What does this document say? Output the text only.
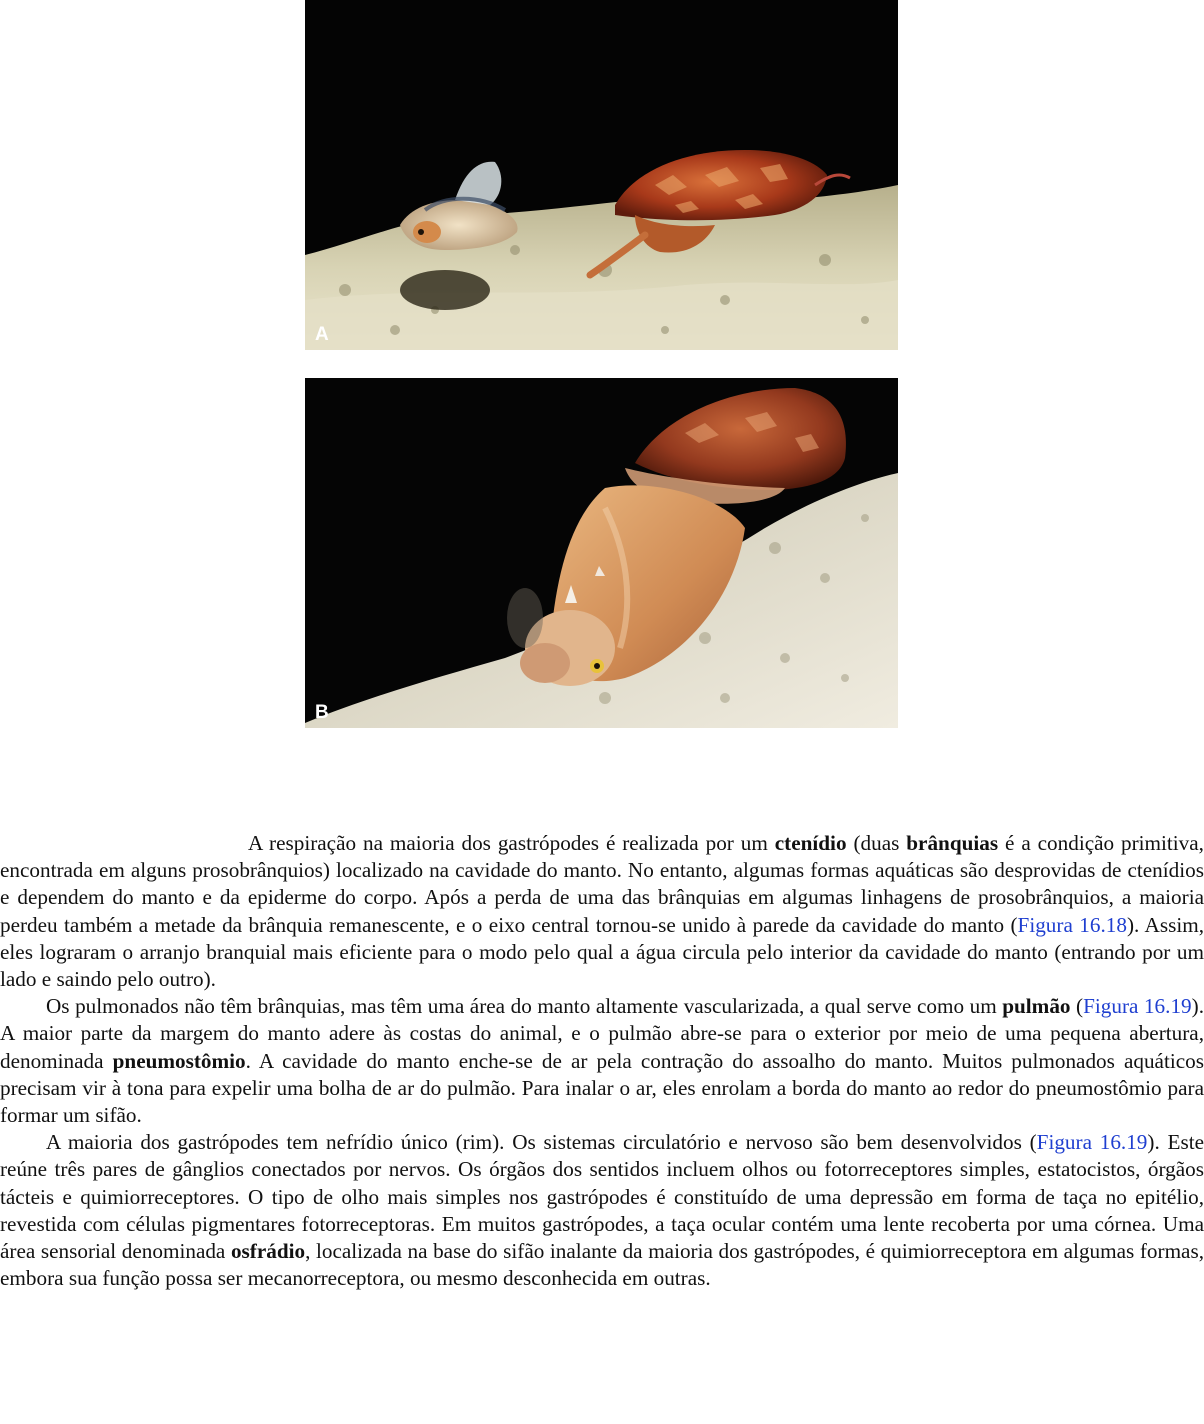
A
B

A respiração na maioria dos gastrópodes é realizada por um ctenídio (duas brânquias é a condição primitiva, encontrada em alguns prosobrânquios) localizado na cavidade do manto. No entanto, algumas formas aquáticas são desprovidas de ctenídios e dependem do manto e da epiderme do corpo. Após a perda de uma das brânquias em algumas linhagens de prosobrânquios, a maioria perdeu também a metade da brânquia remanescente, e o eixo central tornou-se unido à parede da cavidade do manto (Figura 16.18). Assim, eles lograram o arranjo branquial mais eficiente para o modo pelo qual a água circula pelo interior da cavidade do manto (entrando por um lado e saindo pelo outro).

Os pulmonados não têm brânquias, mas têm uma área do manto altamente vascularizada, a qual serve como um pulmão (Figura 16.19). A maior parte da margem do manto adere às costas do animal, e o pulmão abre-se para o exterior por meio de uma pequena abertura, denominada pneumostômio. A cavidade do manto enche-se de ar pela contração do assoalho do manto. Muitos pulmonados aquáticos precisam vir à tona para expelir uma bolha de ar do pulmão. Para inalar o ar, eles enrolam a borda do manto ao redor do pneumostômio para formar um sifão.

A maioria dos gastrópodes tem nefrídio único (rim). Os sistemas circulatório e nervoso são bem desenvolvidos (Figura 16.19). Este reúne três pares de gânglios conectados por nervos. Os órgãos dos sentidos incluem olhos ou fotorreceptores simples, estatocistos, órgãos tácteis e quimiorreceptores. O tipo de olho mais simples nos gastrópodes é constituído de uma depressão em forma de taça no epitélio, revestida com células pigmentares fotorreceptoras. Em muitos gastrópodes, a taça ocular contém uma lente recoberta por uma córnea. Uma área sensorial denominada osfrádio, localizada na base do sifão inalante da maioria dos gastrópodes, é quimiorreceptora em algumas formas, embora sua função possa ser mecanorreceptora, ou mesmo desconhecida em outras.
